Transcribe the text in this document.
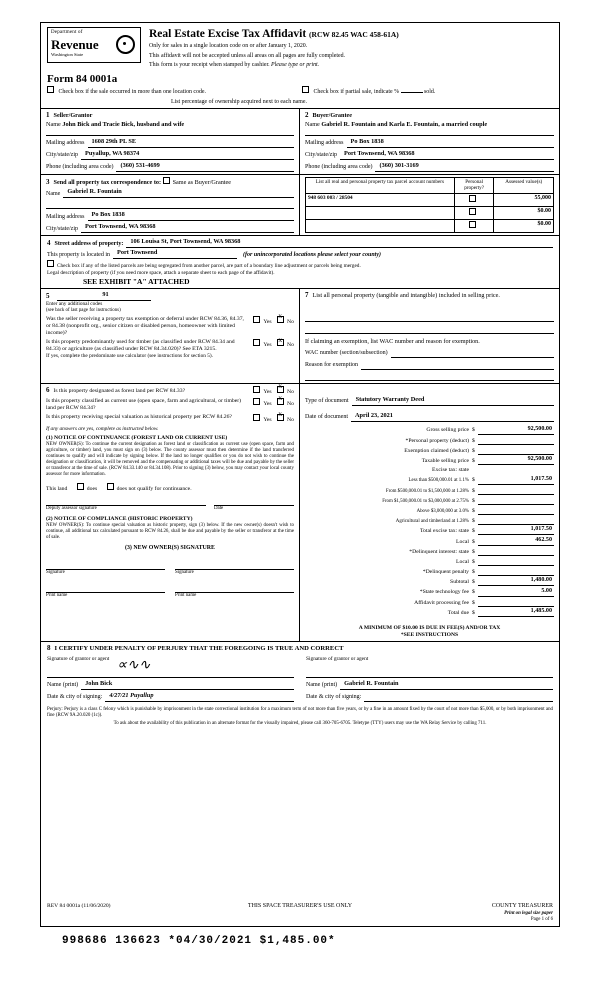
Department of
Revenue
Washington State
Real Estate Excise Tax Affidavit (RCW 82.45 WAC 458-61A)
Only for sales in a single location code on or after January 1, 2020.
This affidavit will not be accepted unless all areas on all pages are fully completed.
This form is your receipt when stamped by cashier. Please type or print.
Form 84 0001a
Check box if the sale occurred in more than one location code.	Check box if partial sale, indicate %	sold.
List percentage of ownership acquired next to each name.
1 Seller/Grantor
Name John Bick and Tracie Bick, husband and wife
Mailing address	1608 29th PL SE
City/state/zip	Puyallup, WA 98374
Phone (including area code)	(360) 531-4699
2 Buyer/Grantee
Name Gabriel R. Fountain and Karla E. Fountain, a married couple
Mailing address	Po Box 1838
City/state/zip	Port Townsend, WA 98368
Phone (including area code)	(360) 301-3169
3 Send all property tax correspondence to: Same as Buyer/Grantee
Name	Gabriel R. Fountain
Mailing address	Po Box 1838
City/state/zip	Port Townsend, WA 98368
List all real and personal property tax parcel account numbers	Personal property?	Assessed value(s)
948 603 003 / 28504		55,000
		$0.00
		$0.00
4 Street address of property:	106 Louisa St, Port Townsend, WA 98368
This property is located in	Port Townsend	(for unincorporated locations please select your county)
Check box if any of the listed parcels are being segregated from another parcel, are part of a boundary line adjustment or parcels being merged.
Legal description of property (if you need more space, attach a separate sheet to each page of the affidavit).
SEE EXHIBIT "A" ATTACHED
5	91
Enter any additional codes
(see back of last page for instructions)
Was the seller receiving a property tax exemption or deferral under RCW 84.36, 84.37, or 84.38 (nonprofit org., senior citizen or disabled person, homeowner with limited income)?
Yes X	No
Is this property predominantly used for timber (as classified under RCW 84.34 and 84.33) or agriculture (as classified under RCW 84.34.020)? See ETA 3215.
Yes X	No
If yes, complete the predominate use calculator (see instructions for section 5).
7 List all personal property (tangible and intangible) included in selling price.
If claiming an exemption, list WAC number and reason for exemption.
WAC number (section/subsection)
Reason for exemption
6 Is this property designated as forest land per RCW 84.33?	Yes X	No
Is this property classified as current use (open space, farm and agricultural, or timber) land per RCW 84.34?
Yes X	No
Is this property receiving special valuation as historical property per RCW 84.26?	Yes X	No
If any answers are yes, complete as instructed below.
(1) NOTICE OF CONTINUANCE (FOREST LAND OR CURRENT USE)
NEW OWNER(S): To continue the current designation as forest land or classification as current use (open space, farm and agriculture, or timber) land, you must sign on (3) below. The county assessor must then determine if the land transferred continues to qualify and will indicate by signing below. If the land no longer qualifies or you do not wish to continue the designation or classification, it will be removed and the compensating or additional taxes will be due and payable by the seller or transferor at the time of sale. (RCW 84.33.140 or 84.34.108). Prior to signing (3) below, you may contact your local county assessor for more information.
This land	does	does not qualify for continuance.
Deputy assessor signature	Date
(2) NOTICE OF COMPLIANCE (HISTORIC PROPERTY)
NEW OWNER(S): To continue special valuation as historic property, sign (3) below. If the new owner(s) doesn't wish to continue, all additional tax calculated pursuant to RCW 84.26, shall be due and payable by the seller or transferor at the time of sale.
(3) NEW OWNER(S) SIGNATURE
Signature	Signature
Print name	Print name
Type of document	Statutory Warranty Deed
Date of document	April 23, 2021
Gross selling price $	92,500.00
*Personal property (deduct) $
Exemption claimed (deduct) $
Taxable selling price $	92,500.00
Excise tax: state
Less than $500,000.01 at 1.1% $	1,017.50
From $500,000.01 to $1,500,000 at 1.28% $
From $1,500,000.01 to $3,000,000 at 2.75% $
Above $3,000,000 at 3.0% $
Agricultural and timberland at 1.28% $
Total excise tax: state $	1,017.50
Local $	462.50
*Delinquent interest: state $
Local $
*Delinquent penalty $
Subtotal $	1,480.00
*State technology fee $	5.00
Affidavit processing fee $
Total due $	1,485.00
A MINIMUM OF $10.00 IS DUE IN FEE(S) AND/OR TAX
*SEE INSTRUCTIONS
8 I CERTIFY UNDER PENALTY OF PERJURY THAT THE FOREGOING IS TRUE AND CORRECT
Signature of grantor or agent ∝∿∿
Name (print)	John Bick
Date & city of signing:	4/27/21 Puyallup
Signature of grantor or agent
Name (print)	Gabriel R. Fountain
Date & city of signing:
Perjury: Perjury is a class C felony which is punishable by imprisonment in the state correctional institution for a maximum term of not more than five years, or by a fine in an amount fixed by the court of not more than $5,000, or by both imprisonment and fine (RCW 9A.20.020 (1c)).
To ask about the availability of this publication in an alternate format for the visually impaired, please call 360-705-6705. Teletype (TTY) users may use the WA Relay Service by calling 711.
REV 84 0001a (11/06/2020)	THIS SPACE TREASURER'S USE ONLY	COUNTY TREASURER
Print on legal size paper
Page 1 of 6
998686 136623 *04/30/2021 $1,485.00*
